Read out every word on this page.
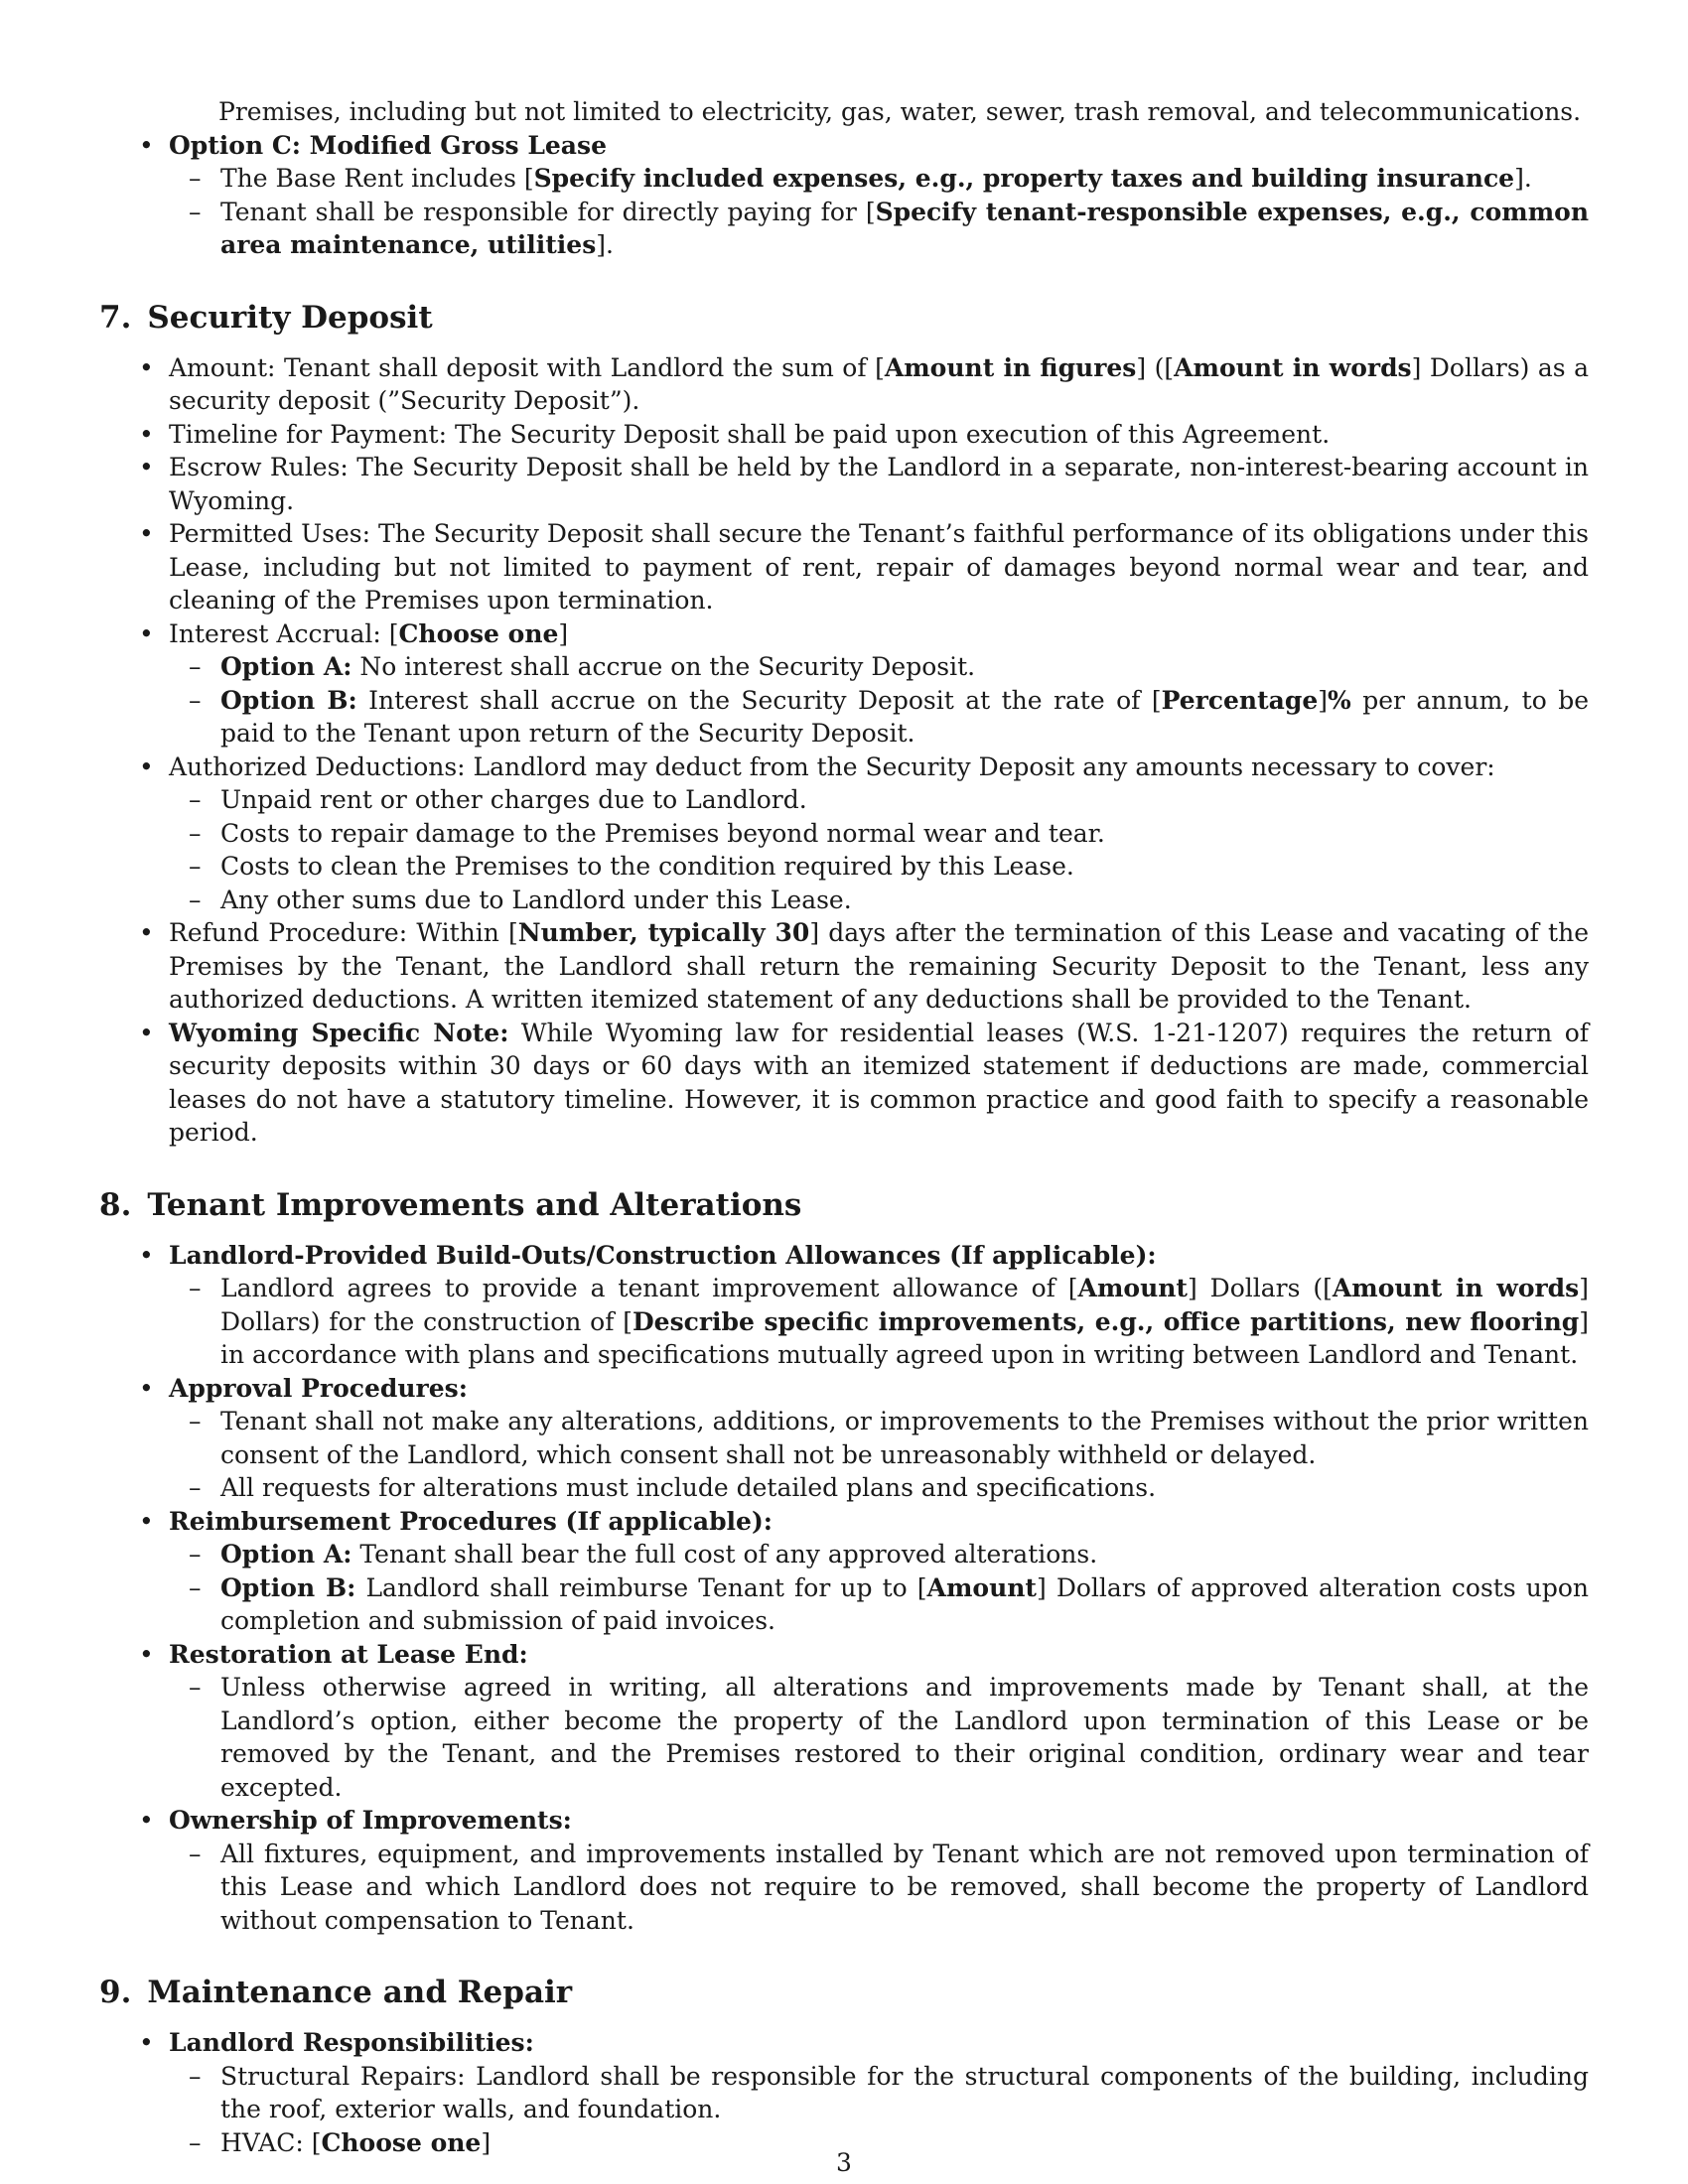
Premises, including but not limited to electricity, gas, water, sewer, trash removal, and telecommunications.
• Option C: Modified Gross Lease
– The Base Rent includes [Specify included expenses, e.g., property taxes and building insurance].
– Tenant shall be responsible for directly paying for [Specify tenant-responsible expenses, e.g., common area maintenance, utilities].
7. Security Deposit
• Amount: Tenant shall deposit with Landlord the sum of [Amount in figures] ([Amount in words] Dollars) as a security deposit (”Security Deposit”).
• Timeline for Payment: The Security Deposit shall be paid upon execution of this Agreement.
• Escrow Rules: The Security Deposit shall be held by the Landlord in a separate, non-interest-bearing account in Wyoming.
• Permitted Uses: The Security Deposit shall secure the Tenant’s faithful performance of its obligations under this Lease, including but not limited to payment of rent, repair of damages beyond normal wear and tear, and cleaning of the Premises upon termination.
• Interest Accrual: [Choose one]
– Option A: No interest shall accrue on the Security Deposit.
– Option B: Interest shall accrue on the Security Deposit at the rate of [Percentage]% per annum, to be paid to the Tenant upon return of the Security Deposit.
• Authorized Deductions: Landlord may deduct from the Security Deposit any amounts necessary to cover:
– Unpaid rent or other charges due to Landlord.
– Costs to repair damage to the Premises beyond normal wear and tear.
– Costs to clean the Premises to the condition required by this Lease.
– Any other sums due to Landlord under this Lease.
• Refund Procedure: Within [Number, typically 30] days after the termination of this Lease and vacating of the Premises by the Tenant, the Landlord shall return the remaining Security Deposit to the Tenant, less any authorized deductions. A written itemized statement of any deductions shall be provided to the Tenant.
• Wyoming Specific Note: While Wyoming law for residential leases (W.S. 1-21-1207) requires the return of security deposits within 30 days or 60 days with an itemized statement if deductions are made, commercial leases do not have a statutory timeline. However, it is common practice and good faith to specify a reasonable period.
8. Tenant Improvements and Alterations
• Landlord-Provided Build-Outs/Construction Allowances (If applicable):
– Landlord agrees to provide a tenant improvement allowance of [Amount] Dollars ([Amount in words] Dollars) for the construction of [Describe specific improvements, e.g., office partitions, new flooring] in accordance with plans and specifications mutually agreed upon in writing between Landlord and Tenant.
• Approval Procedures:
– Tenant shall not make any alterations, additions, or improvements to the Premises without the prior written consent of the Landlord, which consent shall not be unreasonably withheld or delayed.
– All requests for alterations must include detailed plans and specifications.
• Reimbursement Procedures (If applicable):
– Option A: Tenant shall bear the full cost of any approved alterations.
– Option B: Landlord shall reimburse Tenant for up to [Amount] Dollars of approved alteration costs upon completion and submission of paid invoices.
• Restoration at Lease End:
– Unless otherwise agreed in writing, all alterations and improvements made by Tenant shall, at the Landlord’s option, either become the property of the Landlord upon termination of this Lease or be removed by the Tenant, and the Premises restored to their original condition, ordinary wear and tear excepted.
• Ownership of Improvements:
– All fixtures, equipment, and improvements installed by Tenant which are not removed upon termination of this Lease and which Landlord does not require to be removed, shall become the property of Landlord without compensation to Tenant.
9. Maintenance and Repair
• Landlord Responsibilities:
– Structural Repairs: Landlord shall be responsible for the structural components of the building, including the roof, exterior walls, and foundation.
– HVAC: [Choose one]
3
